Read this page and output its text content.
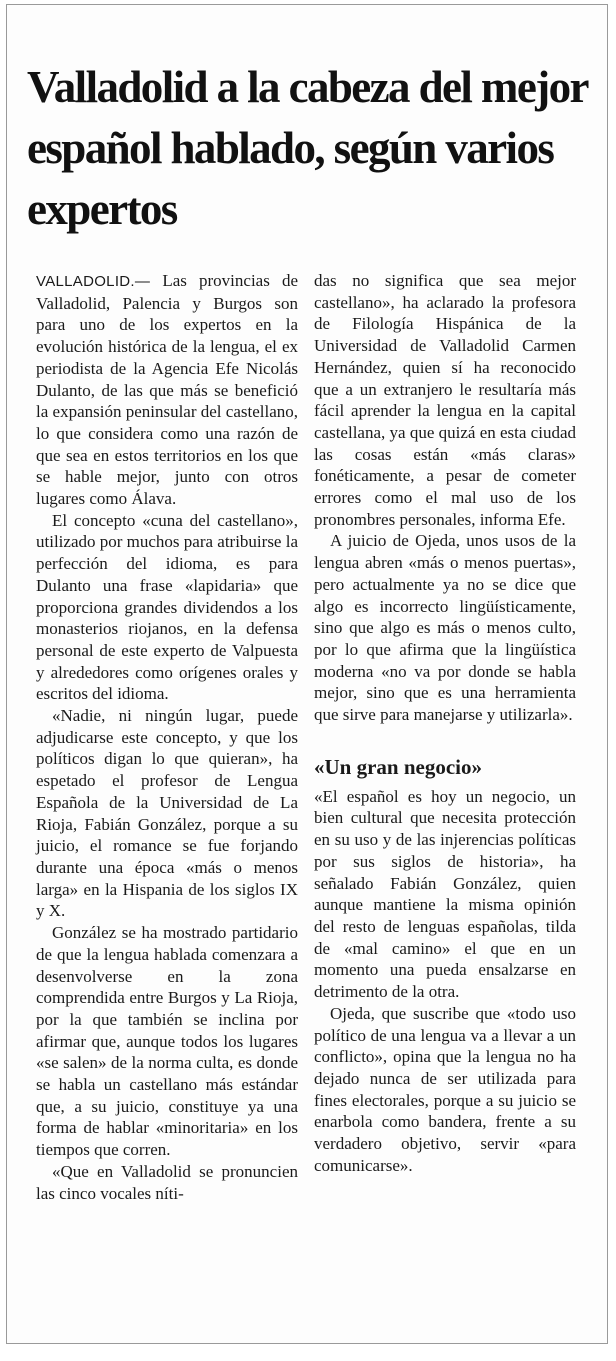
Valladolid a la cabeza del mejor español hablado, según varios expertos

VALLADOLID.— Las provincias de Valladolid, Palencia y Burgos son para uno de los expertos en la evolución histórica de la lengua, el ex periodista de la Agencia Efe Nicolás Dulanto, de las que más se benefició la expansión peninsular del castellano, lo que considera como una razón de que sea en estos territorios en los que se hable mejor, junto con otros lugares como Álava.

El concepto «cuna del castellano», utilizado por muchos para atribuirse la perfección del idioma, es para Dulanto una frase «lapidaria» que proporciona grandes dividendos a los monasterios riojanos, en la defensa personal de este experto de Valpuesta y alrededores como orígenes orales y escritos del idioma.

«Nadie, ni ningún lugar, puede adjudicarse este concepto, y que los políticos digan lo que quieran», ha espetado el profesor de Lengua Española de la Universidad de La Rioja, Fabián González, porque a su juicio, el romance se fue forjando durante una época «más o menos larga» en la Hispania de los siglos IX y X.

González se ha mostrado partidario de que la lengua hablada comenzara a desenvolverse en la zona comprendida entre Burgos y La Rioja, por la que también se inclina por afirmar que, aunque todos los lugares «se salen» de la norma culta, es donde se habla un castellano más estándar que, a su juicio, constituye ya una forma de hablar «minoritaria» en los tiempos que corren.

«Que en Valladolid se pronuncien las cinco vocales níti-

das no significa que sea mejor castellano», ha aclarado la profesora de Filología Hispánica de la Universidad de Valladolid Carmen Hernández, quien sí ha reconocido que a un extranjero le resultaría más fácil aprender la lengua en la capital castellana, ya que quizá en esta ciudad las cosas están «más claras» fonéticamente, a pesar de cometer errores como el mal uso de los pronombres personales, informa Efe.

A juicio de Ojeda, unos usos de la lengua abren «más o menos puertas», pero actualmente ya no se dice que algo es incorrecto lingüísticamente, sino que algo es más o menos culto, por lo que afirma que la lingüística moderna «no va por donde se habla mejor, sino que es una herramienta que sirve para manejarse y utilizarla».

«Un gran negocio»

«El español es hoy un negocio, un bien cultural que necesita protección en su uso y de las injerencias políticas por sus siglos de historia», ha señalado Fabián González, quien aunque mantiene la misma opinión del resto de lenguas españolas, tilda de «mal camino» el que en un momento una pueda ensalzarse en detrimento de la otra.

Ojeda, que suscribe que «todo uso político de una lengua va a llevar a un conflicto», opina que la lengua no ha dejado nunca de ser utilizada para fines electorales, porque a su juicio se enarbola como bandera, frente a su verdadero objetivo, servir «para comunicarse».
